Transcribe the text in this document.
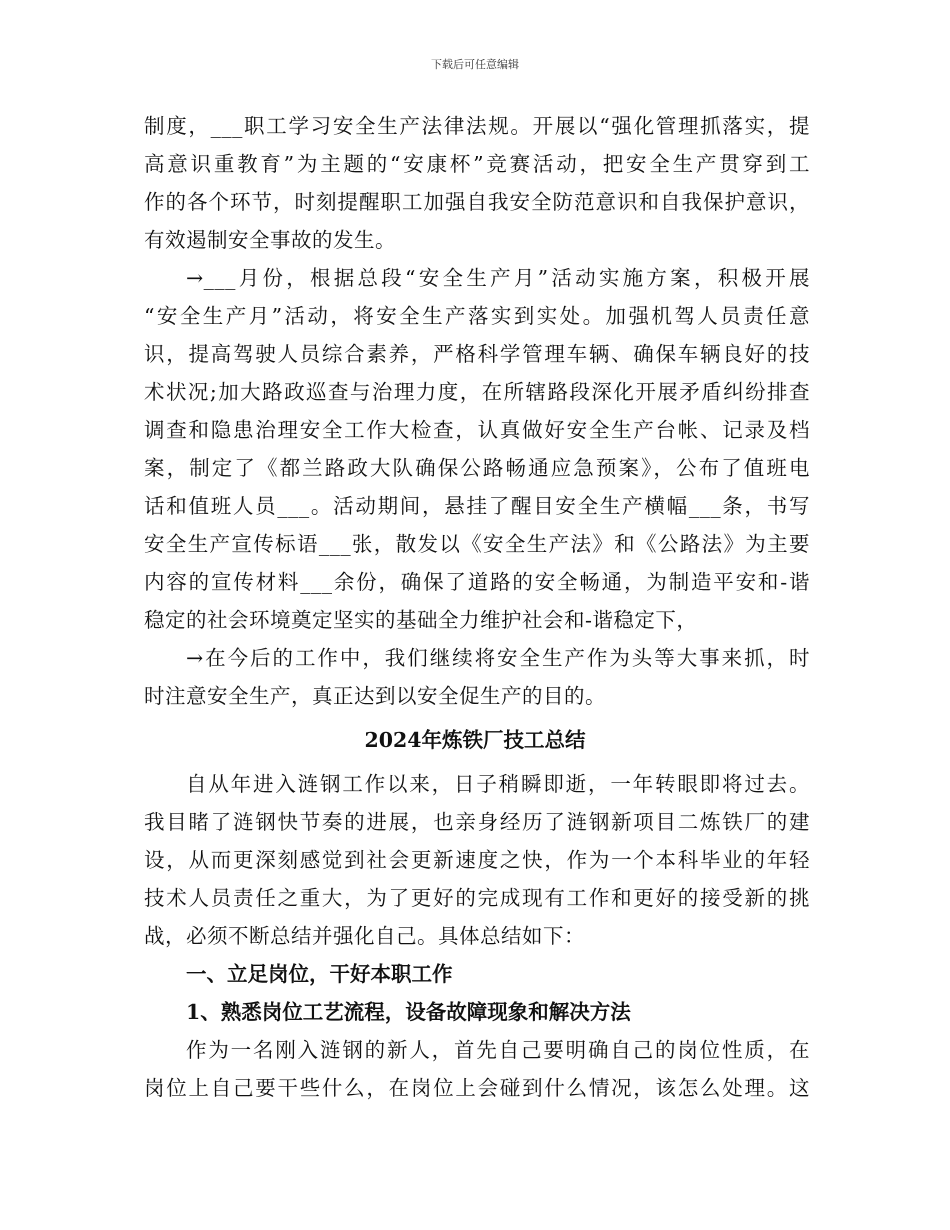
下载后可任意编辑
制度，___职工学习安全生产法律法规。开展以“强化管理抓落实，提
高意识重教育”为主题的“安康杯”竞赛活动，把安全生产贯穿到工
作的各个环节，时刻提醒职工加强自我安全防范意识和自我保护意识，
有效遏制安全事故的发生。
→___月份，根据总段“安全生产月”活动实施方案，积极开展
“安全生产月”活动，将安全生产落实到实处。加强机驾人员责任意
识，提高驾驶人员综合素养，严格科学管理车辆、确保车辆良好的技
术状况;加大路政巡查与治理力度，在所辖路段深化开展矛盾纠纷排查
调查和隐患治理安全工作大检查，认真做好安全生产台帐、记录及档
案，制定了《都兰路政大队确保公路畅通应急预案》，公布了值班电
话和值班人员___。活动期间，悬挂了醒目安全生产横幅___条，书写
安全生产宣传标语___张，散发以《安全生产法》和《公路法》为主要
内容的宣传材料___余份，确保了道路的安全畅通，为制造平安和-谐
稳定的社会环境奠定坚实的基础全力维护社会和-谐稳定下，
→在今后的工作中，我们继续将安全生产作为头等大事来抓，时
时注意安全生产，真正达到以安全促生产的目的。
2024年炼铁厂技工总结
自从年进入涟钢工作以来，日子稍瞬即逝，一年转眼即将过去。
我目睹了涟钢快节奏的进展，也亲身经历了涟钢新项目二炼铁厂的建
设，从而更深刻感觉到社会更新速度之快，作为一个本科毕业的年轻
技术人员责任之重大，为了更好的完成现有工作和更好的接受新的挑
战，必须不断总结并强化自己。具体总结如下：
一、立足岗位，干好本职工作
1、熟悉岗位工艺流程，设备故障现象和解决方法
作为一名刚入涟钢的新人，首先自己要明确自己的岗位性质，在
岗位上自己要干些什么，在岗位上会碰到什么情况，该怎么处理。这
